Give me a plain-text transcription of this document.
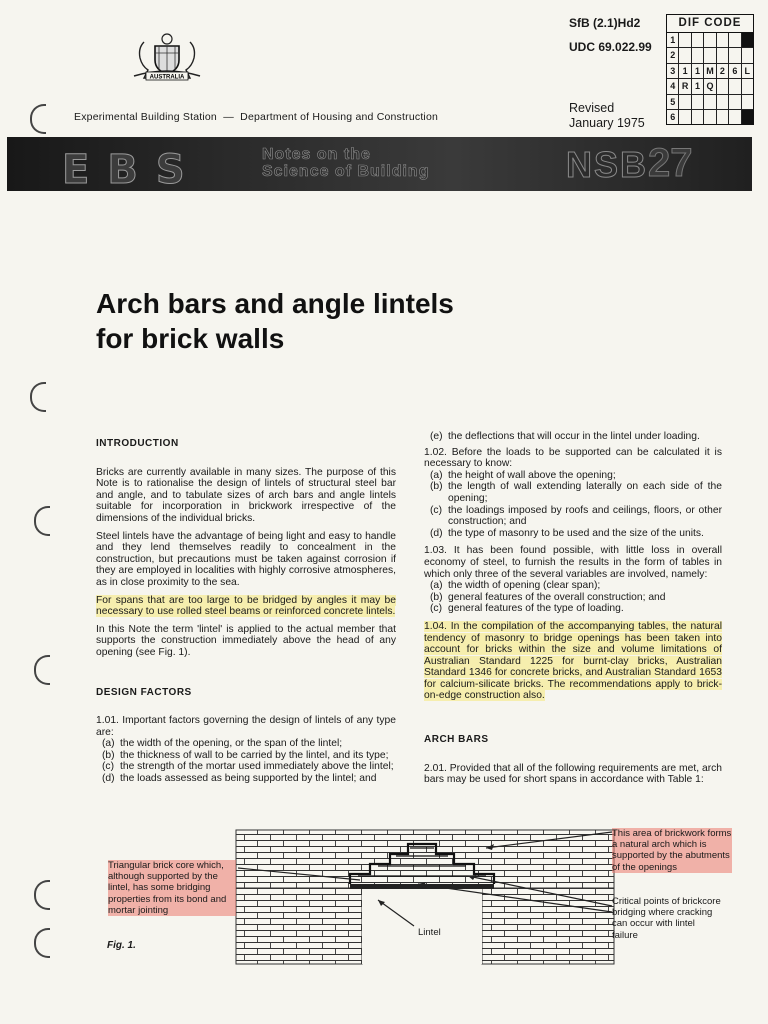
AUSTRALIA
Experimental Building Station — Department of Housing and Construction
SfB (2.1)Hd2
UDC 69.022.99
Revised
January 1975
DIF CODE
1
2
3 1 1 M 2 6 L
4 R 1 Q
5
6
EBS	Notes on the
Science of Building	NSB 27
Arch bars and angle lintels
for brick walls
INTRODUCTION

Bricks are currently available in many sizes. The purpose of this Note is to rationalise the design of lintels of structural steel bar and angle, and to tabulate sizes of arch bars and angle lintels suitable for incorporation in brickwork irrespective of the dimensions of the individual bricks.

Steel lintels have the advantage of being light and easy to handle and they lend themselves readily to concealment in the construction, but precautions must be taken against corrosion if they are employed in localities with highly corrosive atmospheres, as in close proximity to the sea.

For spans that are too large to be bridged by angles it may be necessary to use rolled steel beams or reinforced concrete lintels.

In this Note the term 'lintel' is applied to the actual member that supports the construction immediately above the head of any opening (see Fig. 1).

DESIGN FACTORS

1.01. Important factors governing the design of lintels of any type are:

(a) the width of the opening, or the span of the lintel;
(b) the thickness of wall to be carried by the lintel, and its type;
(c) the strength of the mortar used immediately above the lintel;
(d) the loads assessed as being supported by the lintel; and
(e) the deflections that will occur in the lintel under loading.

1.02. Before the loads to be supported can be calculated it is necessary to know:

(a) the height of wall above the opening;
(b) the length of wall extending laterally on each side of the opening;
(c) the loadings imposed by roofs and ceilings, floors, or other construction; and
(d) the type of masonry to be used and the size of the units.

1.03. It has been found possible, with little loss in overall economy of steel, to furnish the results in the form of tables in which only three of the several variables are involved, namely:

(a) the width of opening (clear span);
(b) general features of the overall construction; and
(c) general features of the type of loading.

1.04. In the compilation of the accompanying tables, the natural tendency of masonry to bridge openings has been taken into account for bricks within the size and volume limitations of Australian Standard 1225 for burnt-clay bricks, Australian Standard 1346 for concrete bricks, and Australian Standard 1653 for calcium-silicate bricks. The recommendations apply to brick-on-edge construction also.

ARCH BARS

2.01. Provided that all of the following requirements are met, arch bars may be used for short spans in accordance with Table 1:

Triangular brick core which, although supported by the lintel, has some bridging properties from its bond and mortar jointing
This area of brickwork forms a natural arch which is supported by the abutments of the openings
Critical points of brickcore bridging where cracking can occur with lintel failure
Lintel
Fig. 1.
